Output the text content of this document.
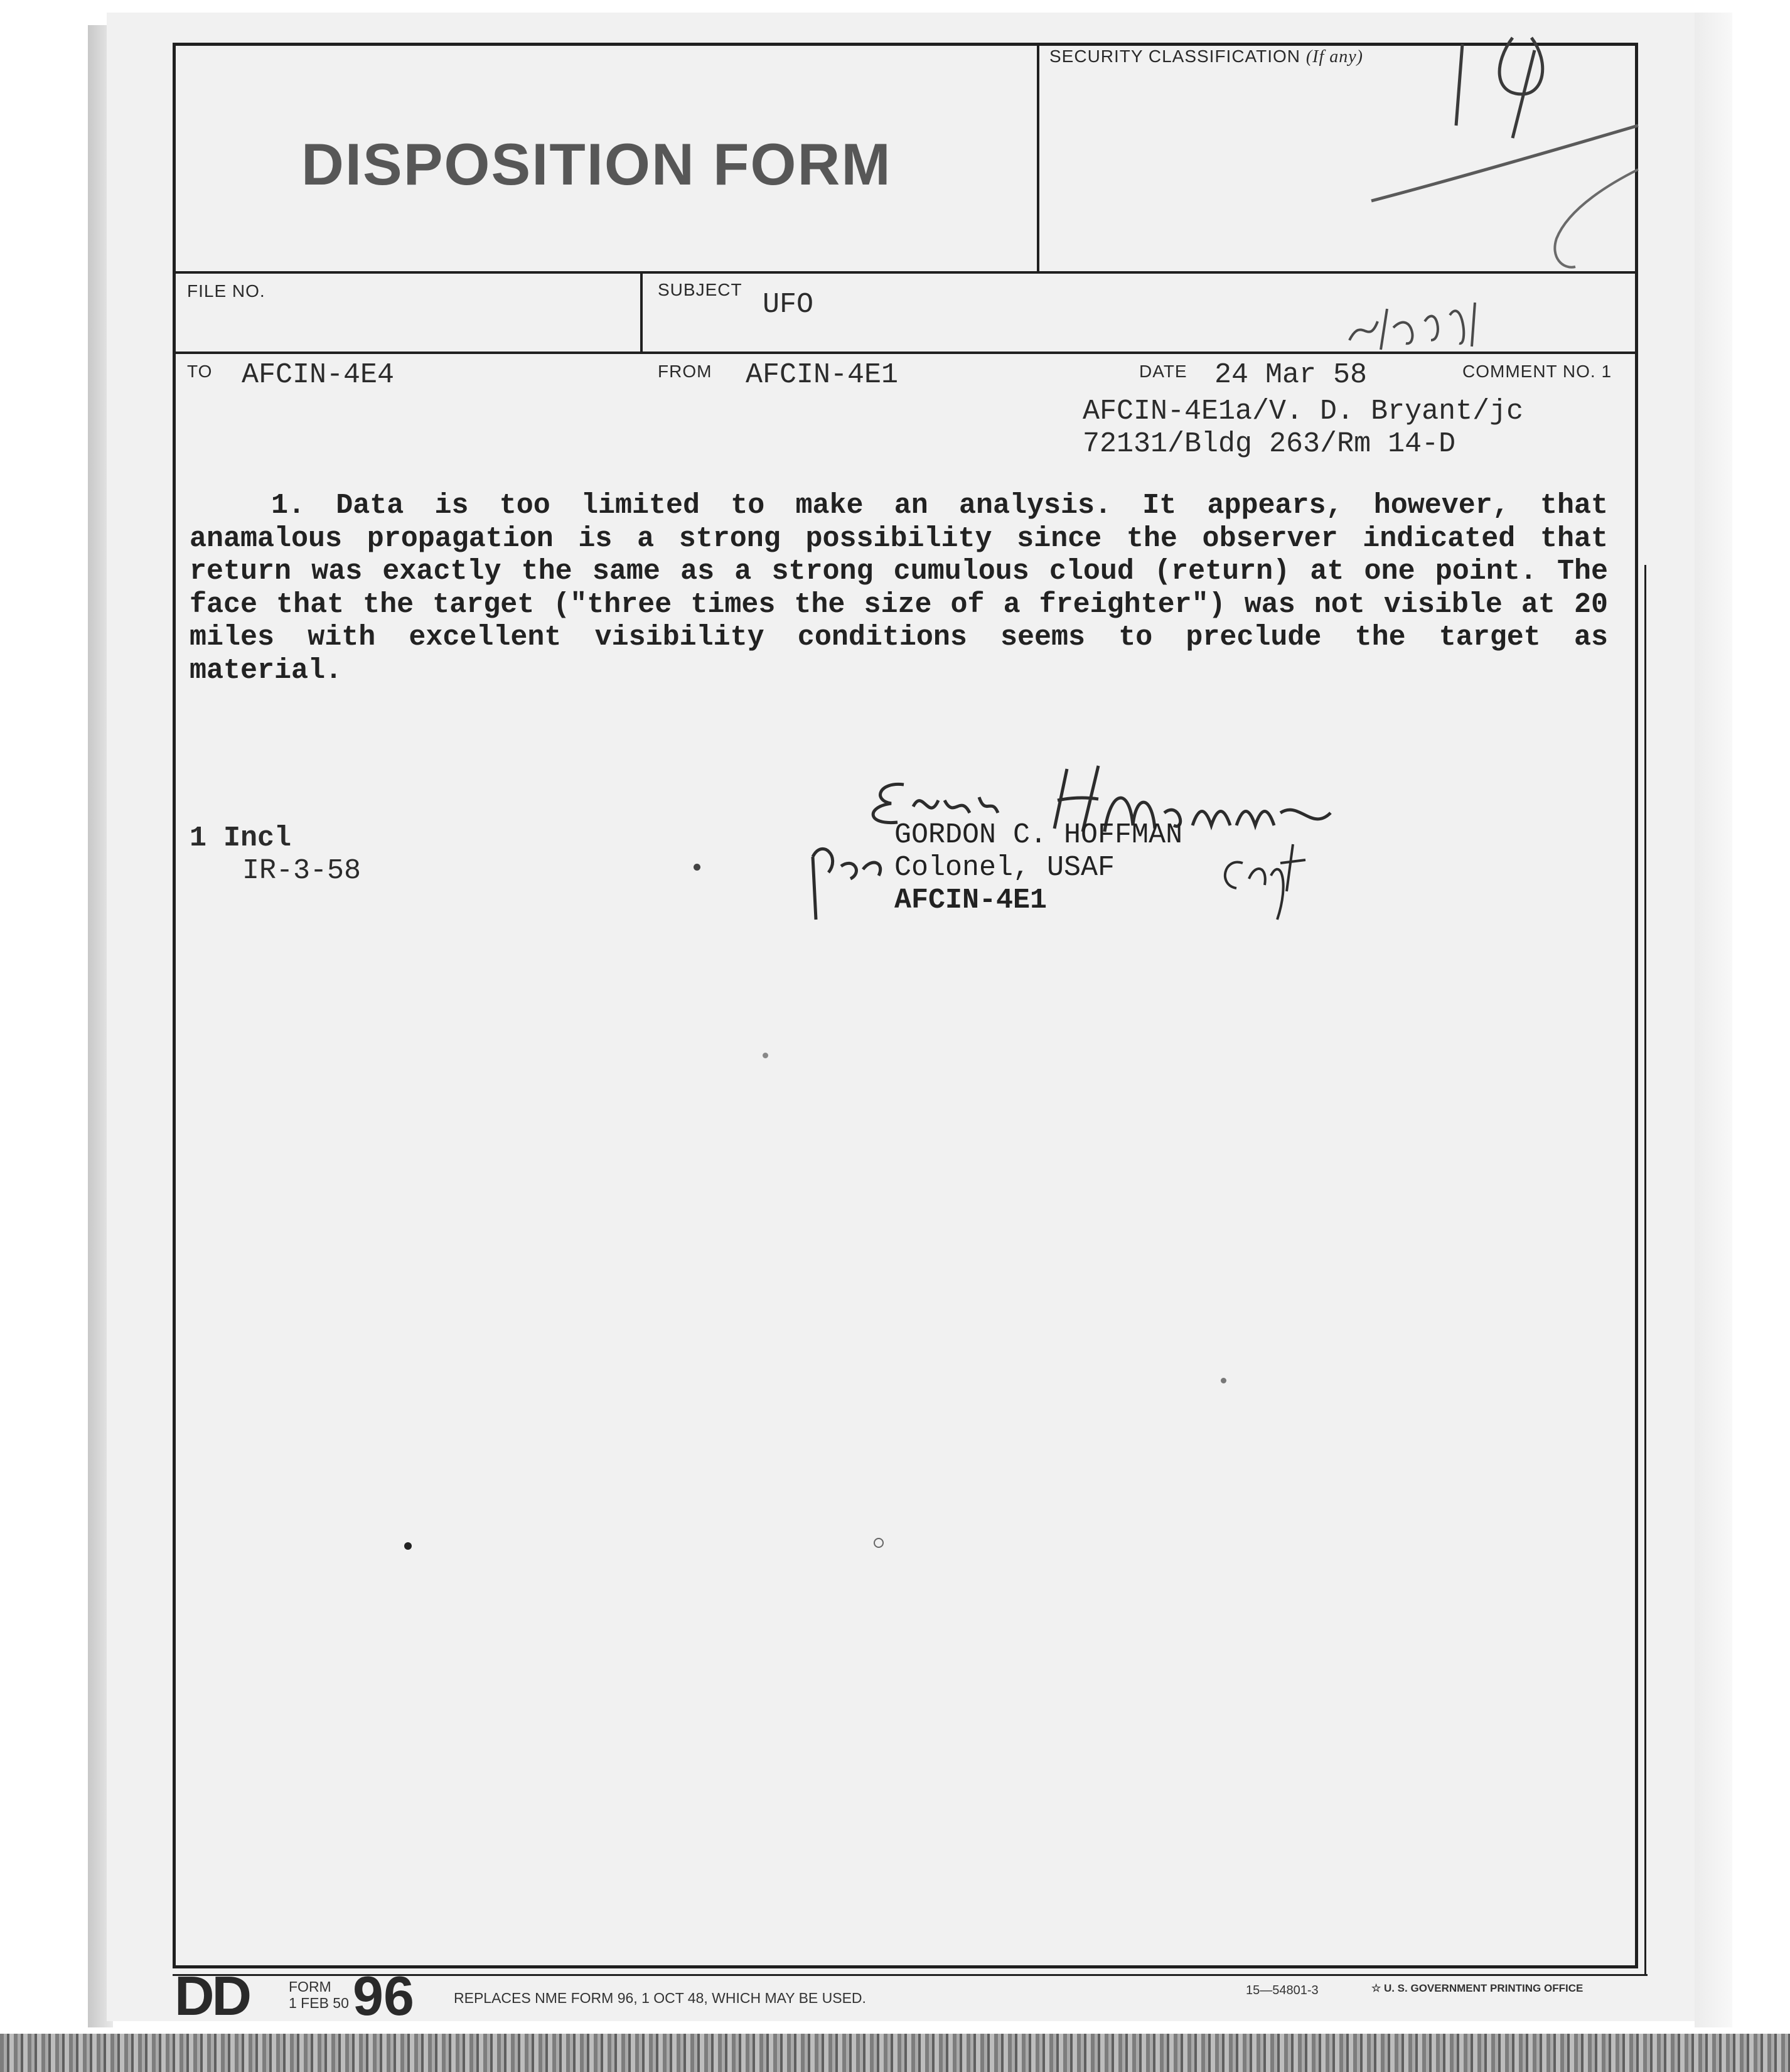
DISPOSITION FORM
SECURITY CLASSIFICATION (If any)
FILE NO.	SUBJECT UFO
TO AFCIN-4E4	FROM AFCIN-4E1	DATE 24 Mar 58	COMMENT NO. 1
AFCIN-4E1a/V. D. Bryant/jc
72131/Bldg 263/Rm 14-D

1. Data is too limited to make an analysis. It appears, however, that anamalous propagation is a strong possibility since the observer indicated that return was exactly the same as a strong cumulous cloud (return) at one point. The face that the target ("three times the size of a freighter") was not visible at 20 miles with excellent visibility conditions seems to preclude the target as material.

1 Incl
IR-3-58
GORDON C. HOFFMAN
Colonel, USAF
AFCIN-4E1
DD	FORM
1 FEB 50 96	REPLACES NME FORM 96, 1 OCT 48, WHICH MAY BE USED.	15—54801-3	☆ U. S. GOVERNMENT PRINTING OFFICE
